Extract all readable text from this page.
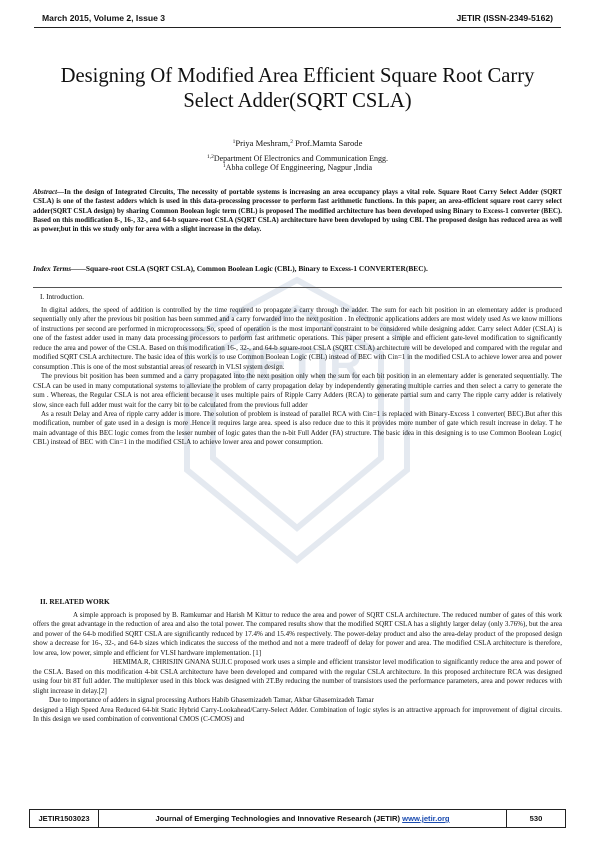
March 2015, Volume 2, Issue 3	JETIR (ISSN-2349-5162)
JETIR
Designing Of Modified Area Efficient Square Root Carry Select Adder(SQRT CSLA)
$^1$Priya Meshram,$^2$ Prof.Mamta Sarode
$^{1,2}$Department Of Electronics and Communication Engg.
$^1$Abha college Of Enggineering, Nagpur ,India

Abstract—In the design of Integrated Circuits, The necessity of portable systems is increasing an area occupancy plays a vital role. Square Root Carry Select Adder (SQRT CSLA) is one of the fastest adders which is used in this data-processing processor to perform fast arithmetic functions. In this paper, an area-efficient square root carry select adder(SQRT CSLA design) by sharing Common Boolean logic term (CBL) is proposed The modified architecture has been developed using Binary to Excess-1 converter (BEC). Based on this modification 8-, 16-, 32-, and 64-b square-root CSLA (SQRT CSLA) architecture have been developed by using CBL The proposed design has reduced area as well as power,but in this we study only for area with a slight increase in the delay.

Index Terms——Square-root CSLA (SQRT CSLA), Common Boolean Logic (CBL), Binary to Excess-1 CONVERTER(BEC).

I. Introduction.

In digital adders, the speed of addition is controlled by the time required to propagate a carry through the adder. The sum for each bit position in an elementary adder is produced sequentially only after the previous bit position has been summed and a carry forwarded into the next position . In electronic applications adders are most widely used As we know millions of instructions per second are performed in microprocessors. So, speed of operation is the most important constraint to be considered while designing adder. Carry select Adder (CSLA) is one of the fastest adder used in many data processing processors to perform fast arithmetic operations. This paper present a simple and efficient gate-level modification to significantly reduce the area and power of the CSLA. Based on this modification 16-, 32-, and 64-b square-root CSLA (SQRT CSLA) architecture will be developed and compared with the regular and modified SQRT CSLA architecture. The basic idea of this work is to use Common Boolean Logic (CBL) instead of BEC with Cin=1 in the modified CSLA to achieve lower area and power consumption .This is one of the most substantial areas of research in VLSI system design.

The previous bit position has been summed and a carry propagated into the next position only when the sum for each bit position in an elementary adder is generated sequentially. The CSLA can be used in many computational systems to alleviate the problem of carry propagation delay by independently generating multiple carries and then select a carry to generate the sum . Whereas, the Regular CSLA is not area efficient because it uses multiple pairs of Ripple Carry Adders (RCA) to generate partial sum and carry The ripple carry adder is relatively slow, since each full adder must wait for the carry bit to be calculated from the previous full adder

As a result Delay and Area of ripple carry adder is more. The solution of problem is instead of parallel RCA with Cin=1 is replaced with Binary-Excess 1 converter( BEC).But after this modification, number of gate used in a design is more .Hence it requires large area. speed is also reduce due to this it provides more number of gate which result increase in delay. T he main advantage of this BEC logic comes from the lesser number of logic gates than the n-bit Full Adder (FA) structure. The basic idea in this designing is to use Common Boolean Logic( CBL) instead of BEC with Cin=1 in the modified CSLA to achieve lower area and power consumption.

II. RELATED WORK

A simple approach is proposed by B. Ramkumar and Harish M Kittur to reduce the area and power of SQRT CSLA architecture. The reduced number of gates of this work offers the great advantage in the reduction of area and also the total power. The compared results show that the modified SQRT CSLA has a slightly larger delay (only 3.76%), but the area and power of the 64-b modified SQRT CSLA are significantly reduced by 17.4% and 15.4% respectively. The power-delay product and also the area-delay product of the proposed design show a decrease for 16-, 32-, and 64-b sizes which indicates the success of the method and not a mere tradeoff of delay for power and area. The modified CSLA architecture is therefore, low area, low power, simple and efficient for VLSI hardware implementation. [1]

HEMIMA.R, CHRISJIN GNANA SUJI.C proposed work uses a simple and efficient transistor level modification to significantly reduce the area and power of the CSLA. Based on this modification 4-bit CSLA architecture have been developed and compared with the regular CSLA architecture. In this proposed architecture RCA was designed using four bit 8T full adder. The multiplexer used in this block was designed with 2T.By reducing the number of transistors used the performance parameters, area and power reduces with slight increase in delay.[2]

Due to importance of adders in signal processing Authors Habib Ghasemizadeh Tamar, Akbar Ghasemizadeh Tamar

designed a High Speed Area Reduced 64-bit Static Hybrid Carry-Lookahead/Carry-Select Adder. Combination of logic styles is an attractive approach for improvement of digital circuits. In this design we used combination of conventional CMOS (C-CMOS) and

JETIR1503023	Journal of Emerging Technologies and Innovative Research (JETIR) www.jetir.org	530
